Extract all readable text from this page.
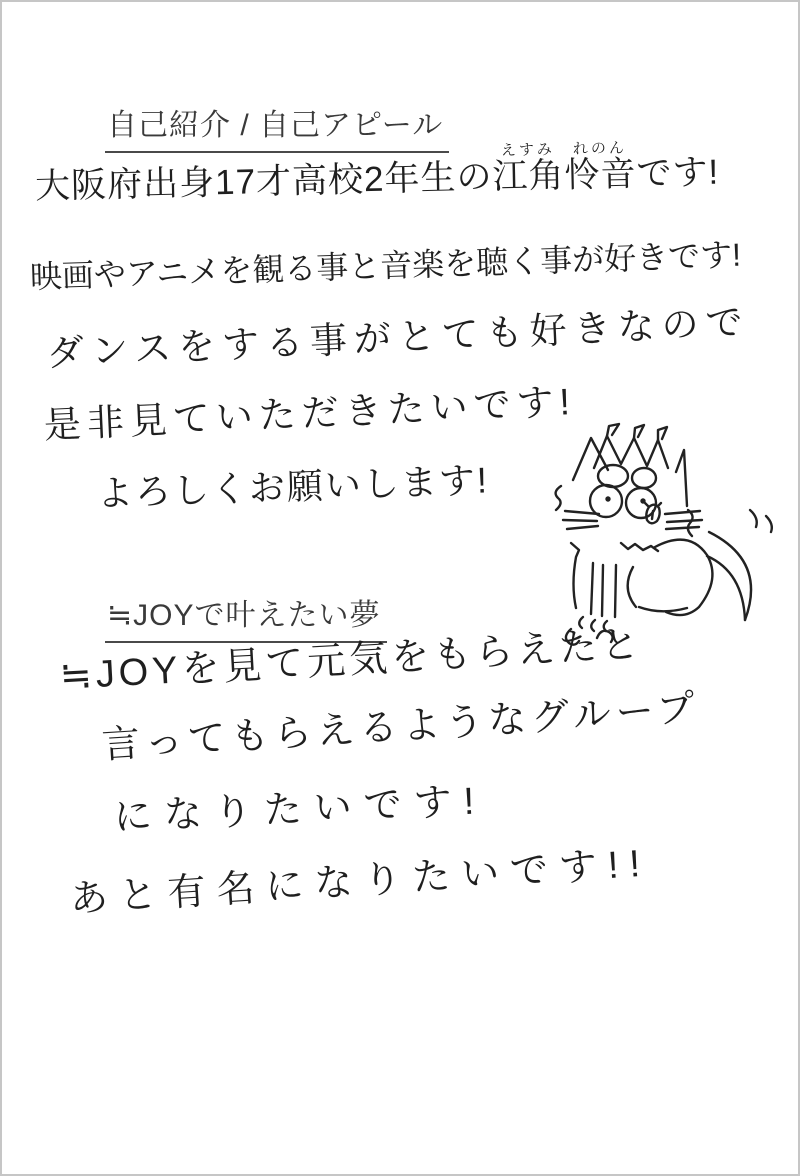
自己紹介 / 自己アピール
大阪府出身17才高校2年生の江角えすみ怜音れのんです!
映画やアニメを観る事と音楽を聴く事が好きです!
ダンスをする事がとても好きなので
是非見ていただきたいです!
よろしくお願いします!
≒JOYで叶えたい夢
≒JOYを見て元気をもらえたと
言ってもらえるようなグループ
になりたいです!
あと有名になりたいです!!
